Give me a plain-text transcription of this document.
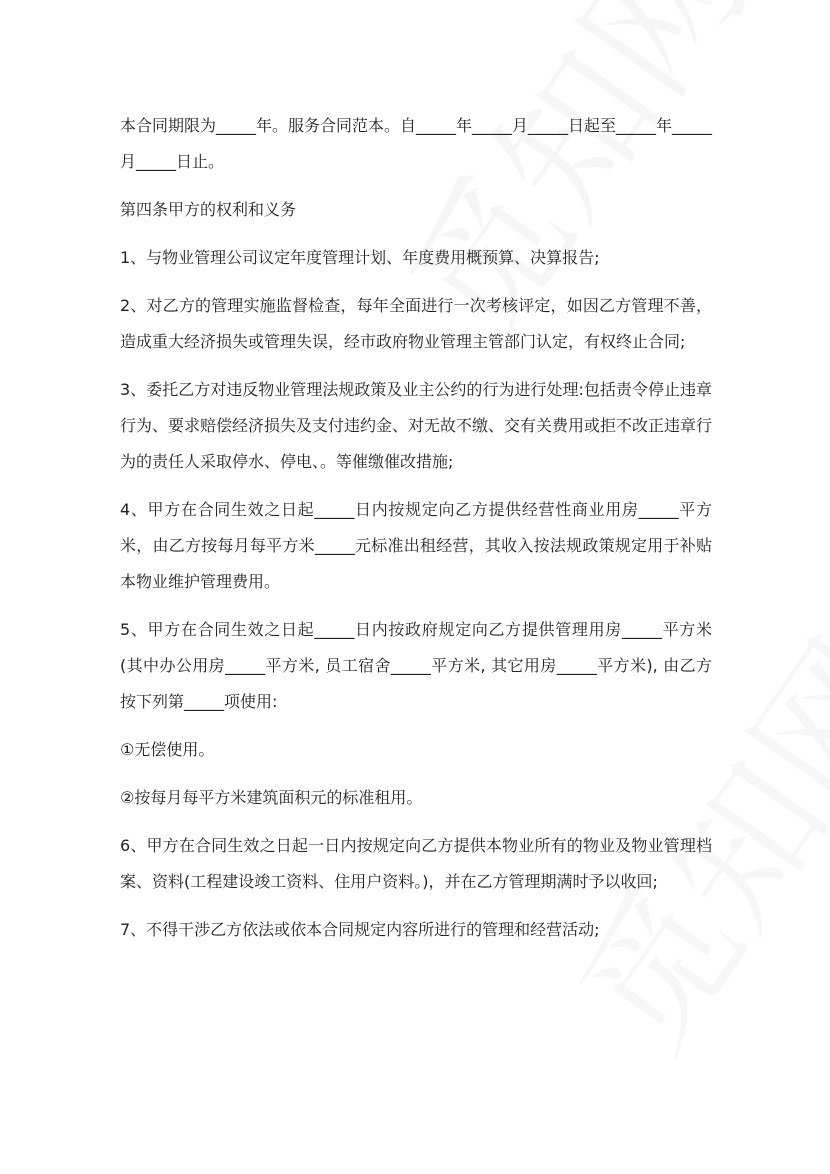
本合同期限为_____年。服务合同范本。自_____年_____月_____日起至_____年_____月_____日止。

第四条甲方的权利和义务

1、与物业管理公司议定年度管理计划、年度费用概预算、决算报告;

2、对乙方的管理实施监督检查，每年全面进行一次考核评定，如因乙方管理不善，造成重大经济损失或管理失误，经市政府物业管理主管部门认定，有权终止合同;

3、委托乙方对违反物业管理法规政策及业主公约的行为进行处理:包括责令停止违章行为、要求赔偿经济损失及支付违约金、对无故不缴、交有关费用或拒不改正违章行为的责任人采取停水、停电、。等催缴催改措施;

4、甲方在合同生效之日起_____日内按规定向乙方提供经营性商业用房_____平方米，由乙方按每月每平方米_____元标准出租经营，其收入按法规政策规定用于补贴本物业维护管理费用。

5、甲方在合同生效之日起_____日内按政府规定向乙方提供管理用房_____平方米(其中办公用房_____平方米, 员工宿舍_____平方米, 其它用房_____平方米), 由乙方按下列第_____项使用:

①无偿使用。

②按每月每平方米建筑面积元的标准租用。

6、甲方在合同生效之日起一日内按规定向乙方提供本物业所有的物业及物业管理档案、资料(工程建设竣工资料、住用户资料。)，并在乙方管理期满时予以收回;

7、不得干涉乙方依法或依本合同规定内容所进行的管理和经营活动;
